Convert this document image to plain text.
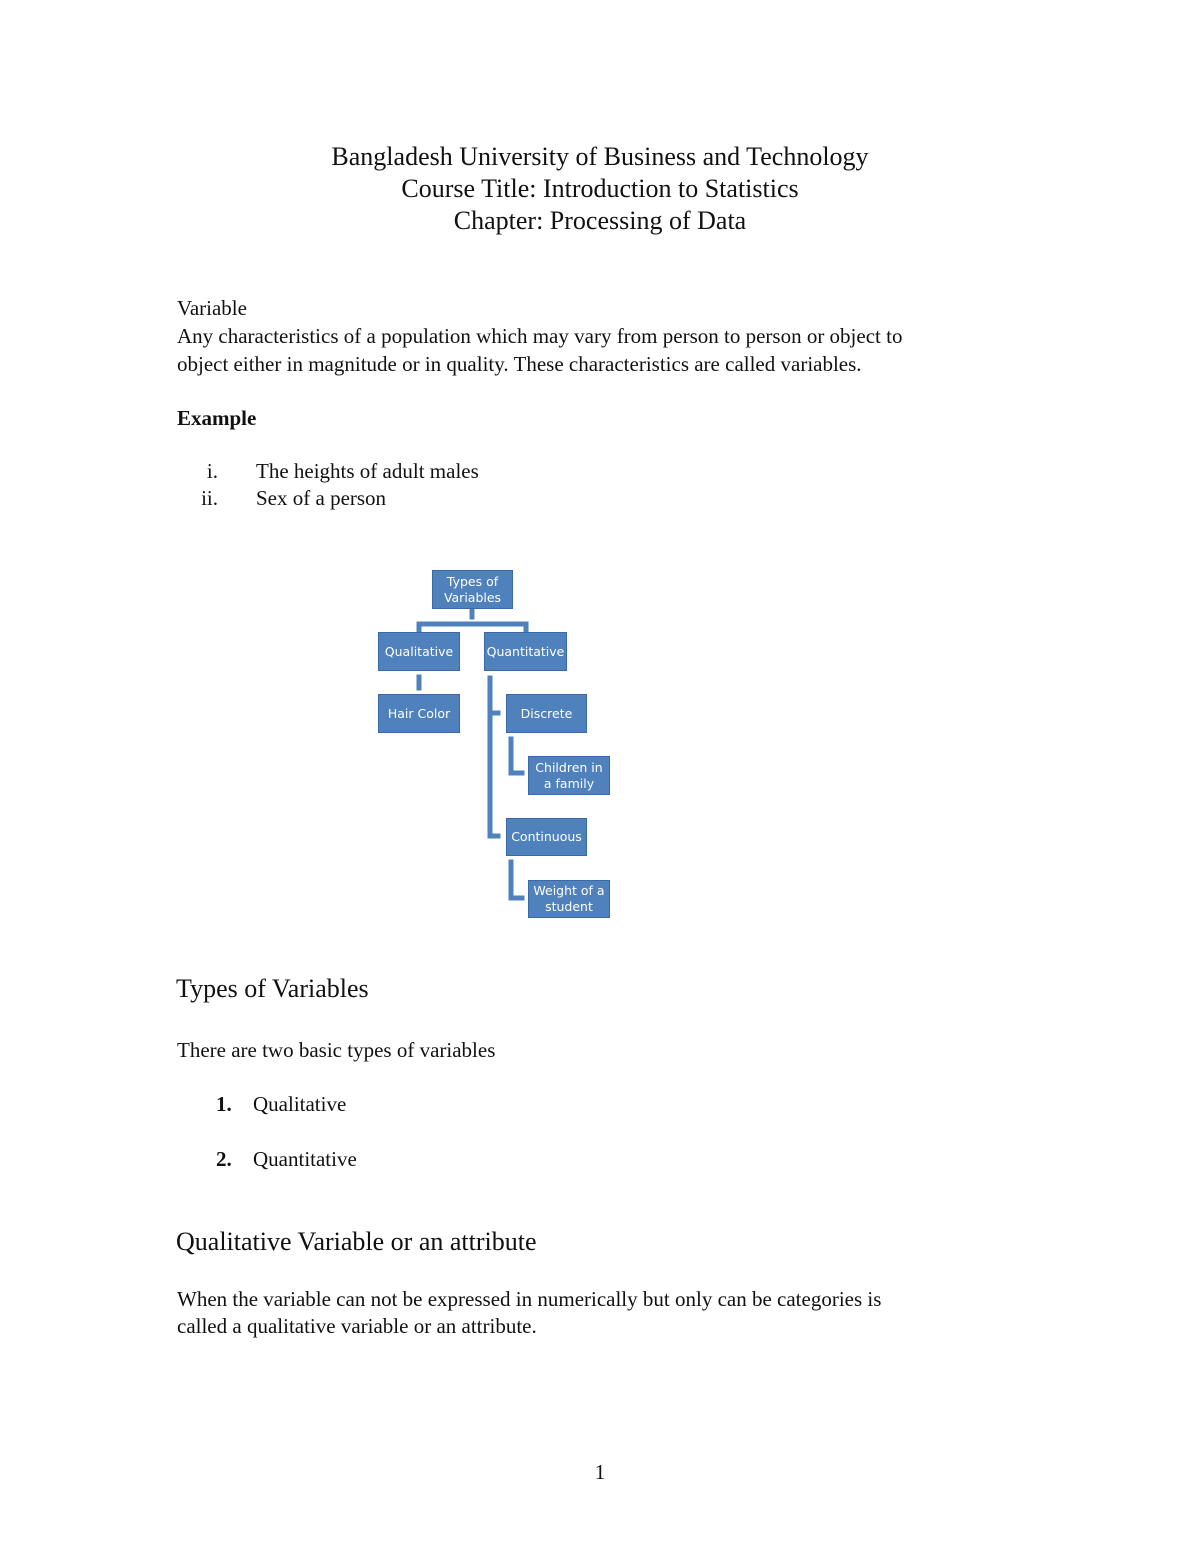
Bangladesh University of Business and Technology
Course Title: Introduction to Statistics
Chapter: Processing of Data
Variable
Any characteristics of a population which may vary from person to person or object to
object either in magnitude or in quality. These characteristics are called variables.
Example
i. The heights of adult males
ii. Sex of a person
Types of Variables
Qualitative	Quantitative
Hair Color	Discrete
Children in a family
Continuous
Weight of a student
Types of Variables
There are two basic types of variables
1. Qualitative
2. Quantitative
Qualitative Variable or an attribute
When the variable can not be expressed in numerically but only can be categories is
called a qualitative variable or an attribute.
1
